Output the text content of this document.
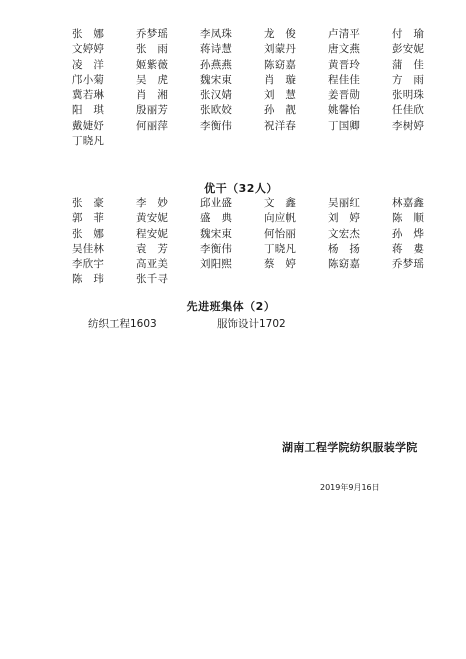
张　娜	乔梦瑶	李凤珠	龙　俊	卢清平	付　瑜
文婷婷	张　雨	蒋诗慧	刘蒙丹	唐文燕	彭安妮
凌　洋	姬紫薇	孙燕燕	陈窈嘉	黄晋玲	蒲　佳
邝小菊	吴　虎	魏宋東	肖　璇	程佳佳	方　雨
冀若琳	肖　湘	张汉婧	刘　慧	姜晋勋	张明珠
阳　琪	殷丽芳	张欧姣	孙　靓	姚馨怡	任佳欣
戴婕妤	何丽萍	李衡伟	祝洋春	丁国卿	李树婷
丁晓凡
优干（32人）
张　豪	李　妙	邱业盛	文　鑫	吴丽红	林嘉鑫
郭　菲	黄安妮	盛　典	向应帆	刘　婷	陈　顺
张　娜	程安妮	魏宋東	何怡丽	文宏杰	孙　烨
吴佳林	袁　芳	李衡伟	丁晓凡	杨　扬	蒋　婁
李欣宇	高亚美	刘阳熙	蔡　婷	陈窈嘉	乔梦瑶
陈　玮	张千寻
先进班集体（2）
纺织工程1603	服饰设计1702
湖南工程学院纺织服装学院
2019年9月16日
